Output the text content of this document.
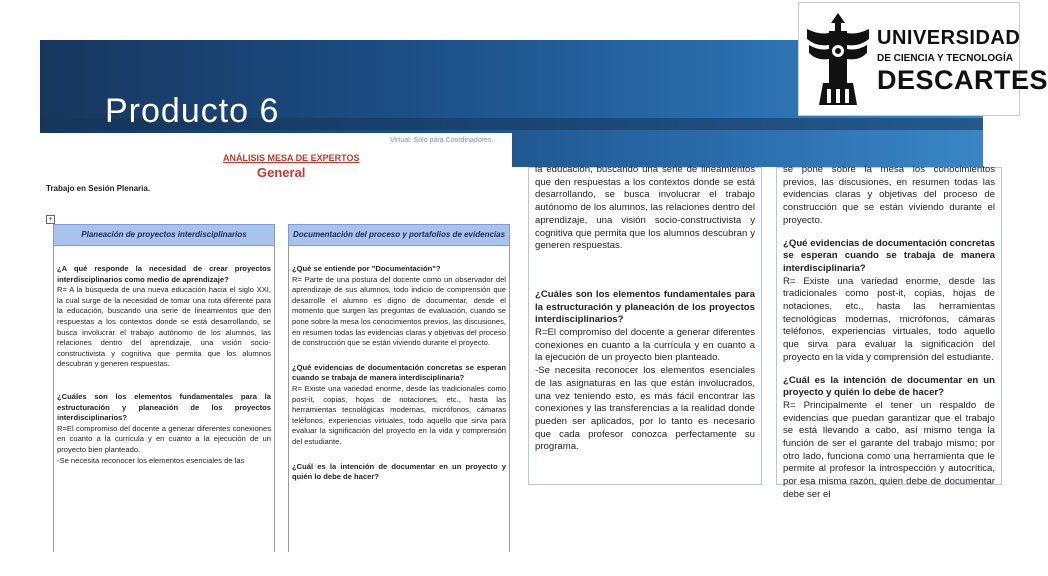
Producto 6
UNIVERSIDAD
DE CIENCIA Y TECNOLOGÍA
DESCARTES
Virtual: Sólo para Coordinadores.
ANÁLISIS MESA DE EXPERTOS
General
Trabajo en Sesión Plenaria.
+
Planeación de proyectos interdisciplinarios
¿A qué responde la necesidad de crear proyectos interdisciplinarios como medio de aprendizaje?
R= A la búsqueda de una nueva educación hacia el siglo XXI, la cual surge de la necesidad de tomar una ruta diferente para la educación, buscando una serie de lineamientos que den respuestas a los contextos donde se está desarrollando, se busca involucrar el trabajo autónomo de los alumnos, las relaciones dentro del aprendizaje, una visión socio-constructivista y cognitiva que permita que los alumnos descubran y generen respuestas.
¿Cuáles son los elementos fundamentales para la estructuración y planeación de los proyectos interdisciplinarios?
R=El compromiso del docente a generar diferentes conexiones en cuanto a la currícula y en cuanto a la ejecución de un proyecto bien planteado.
-Se necesita reconocer los elementos esenciales de las
Documentación del proceso y portafolios de evidencias
¿Qué se entiende por "Documentación"?
R= Parte de una postura del docente como un observador del aprendizaje de sus alumnos, todo indicio de comprensión que desarrolle el alumno es digno de documentar, desde el momento que surgen las preguntas de evaluación, cuando se pone sobre la mesa los conocimientos previos, las discusiones, en resumen todas las evidencias claras y objetivas del proceso de construcción que se están viviendo durante el proyecto.
¿Qué evidencias de documentación concretas se esperan cuando se trabaja de manera interdisciplinaria?
R= Existe una variedad enorme, desde las tradicionales como post-it, copias, hojas de notaciones, etc., hasta las herramientas tecnológicas modernas, micrófonos, cámaras teléfonos, experiencias virtuales, todo aquello que sirva para evaluar la significación del proyecto en la vida y comprensión del estudiante.
¿Cuál es la intención de documentar en un proyecto y quién lo debe de hacer?
la educación, buscando una serie de lineamientos que den respuestas a los contextos donde se está desarrollando, se busca involucrar el trabajo autónomo de los alumnos, las relaciones dentro del aprendizaje, una visión socio-constructivista y cognitiva que permita que los alumnos descubran y generen respuestas.
¿Cuáles son los elementos fundamentales para la estructuración y planeación de los proyectos interdisciplinarios?
R=El compromiso del docente a generar diferentes conexiones en cuanto a la currícula y en cuanto a la ejecución de un proyecto bien planteado.
-Se necesita reconocer los elementos esenciales de las asignaturas en las que están involucrados, una vez teniendo esto, es más fácil encontrar las conexiones y las transferencias a la realidad donde pueden ser aplicados, por lo tanto es necesario que cada profesor conozca perfectamente su programa.
se pone sobre la mesa los conocimientos previos, las discusiones, en resumen todas las evidencias claras y objetivas del proceso de construcción que se están viviendo durante el proyecto.
¿Qué evidencias de documentación concretas se esperan cuando se trabaja de manera interdisciplinaria?
R= Existe una variedad enorme, desde las tradicionales como post-it, copias, hojas de notaciones, etc., hasta las herramientas tecnológicas modernas, micrófonos, cámaras teléfonos, experiencias virtuales, todo aquello que sirva para evaluar la significación del proyecto en la vida y comprensión del estudiante.
¿Cuál es la intención de documentar en un proyecto y quién lo debe de hacer?
R= Principalmente el tener un respaldo de evidencias que puedan garantizar que el trabajo se está llevando a cabo, así mismo tenga la función de ser el garante del trabajo mismo; por otro lado, funciona como una herramienta que le permite al profesor la introspección y autocrítica, por esa misma razón, quien debe de documentar debe ser el
